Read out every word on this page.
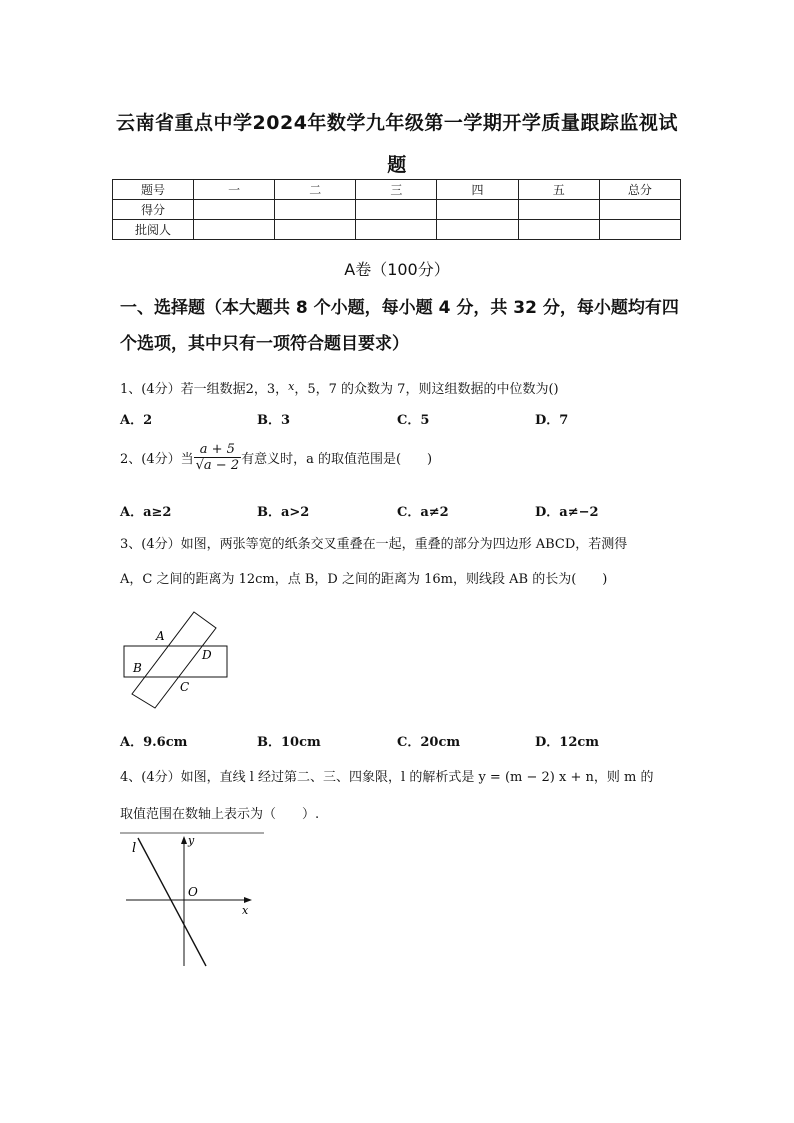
云南省重点中学2024年数学九年级第一学期开学质量跟踪监视试
题
题号	一	二	三	四	五	总分
得分						
批阅人						
A卷（100分）
一、选择题（本大题共 8 个小题，每小题 4 分，共 32 分，每小题均有四个选项，其中只有一项符合题目要求）
1、(4分）若一组数据2，3，$^x$，5，7 的众数为 7，则这组数据的中位数为()
A．2	B．3	C．5	D．7
2、(4分）当 $\frac{a + 5}{√a - 2}$ 有意义时，a 的取值范围是(　　)
A．a≥2	B．a>2	C．a≠2	D．a≠−2
3、(4分）如图，两张等宽的纸条交叉重叠在一起，重叠的部分为四边形 ABCD，若测得
A，C 之间的距离为 12cm，点 B，D 之间的距离为 16m，则线段 AB 的长为(　　)
A
B
C
D
A．9.6cm	B．10cm	C．20cm	D．12cm
4、(4分）如图，直线 l 经过第二、三、四象限，l 的解析式是 y = (m − 2) x + n，则 m 的
取值范围在数轴上表示为（　　）.
l
y
O
x
